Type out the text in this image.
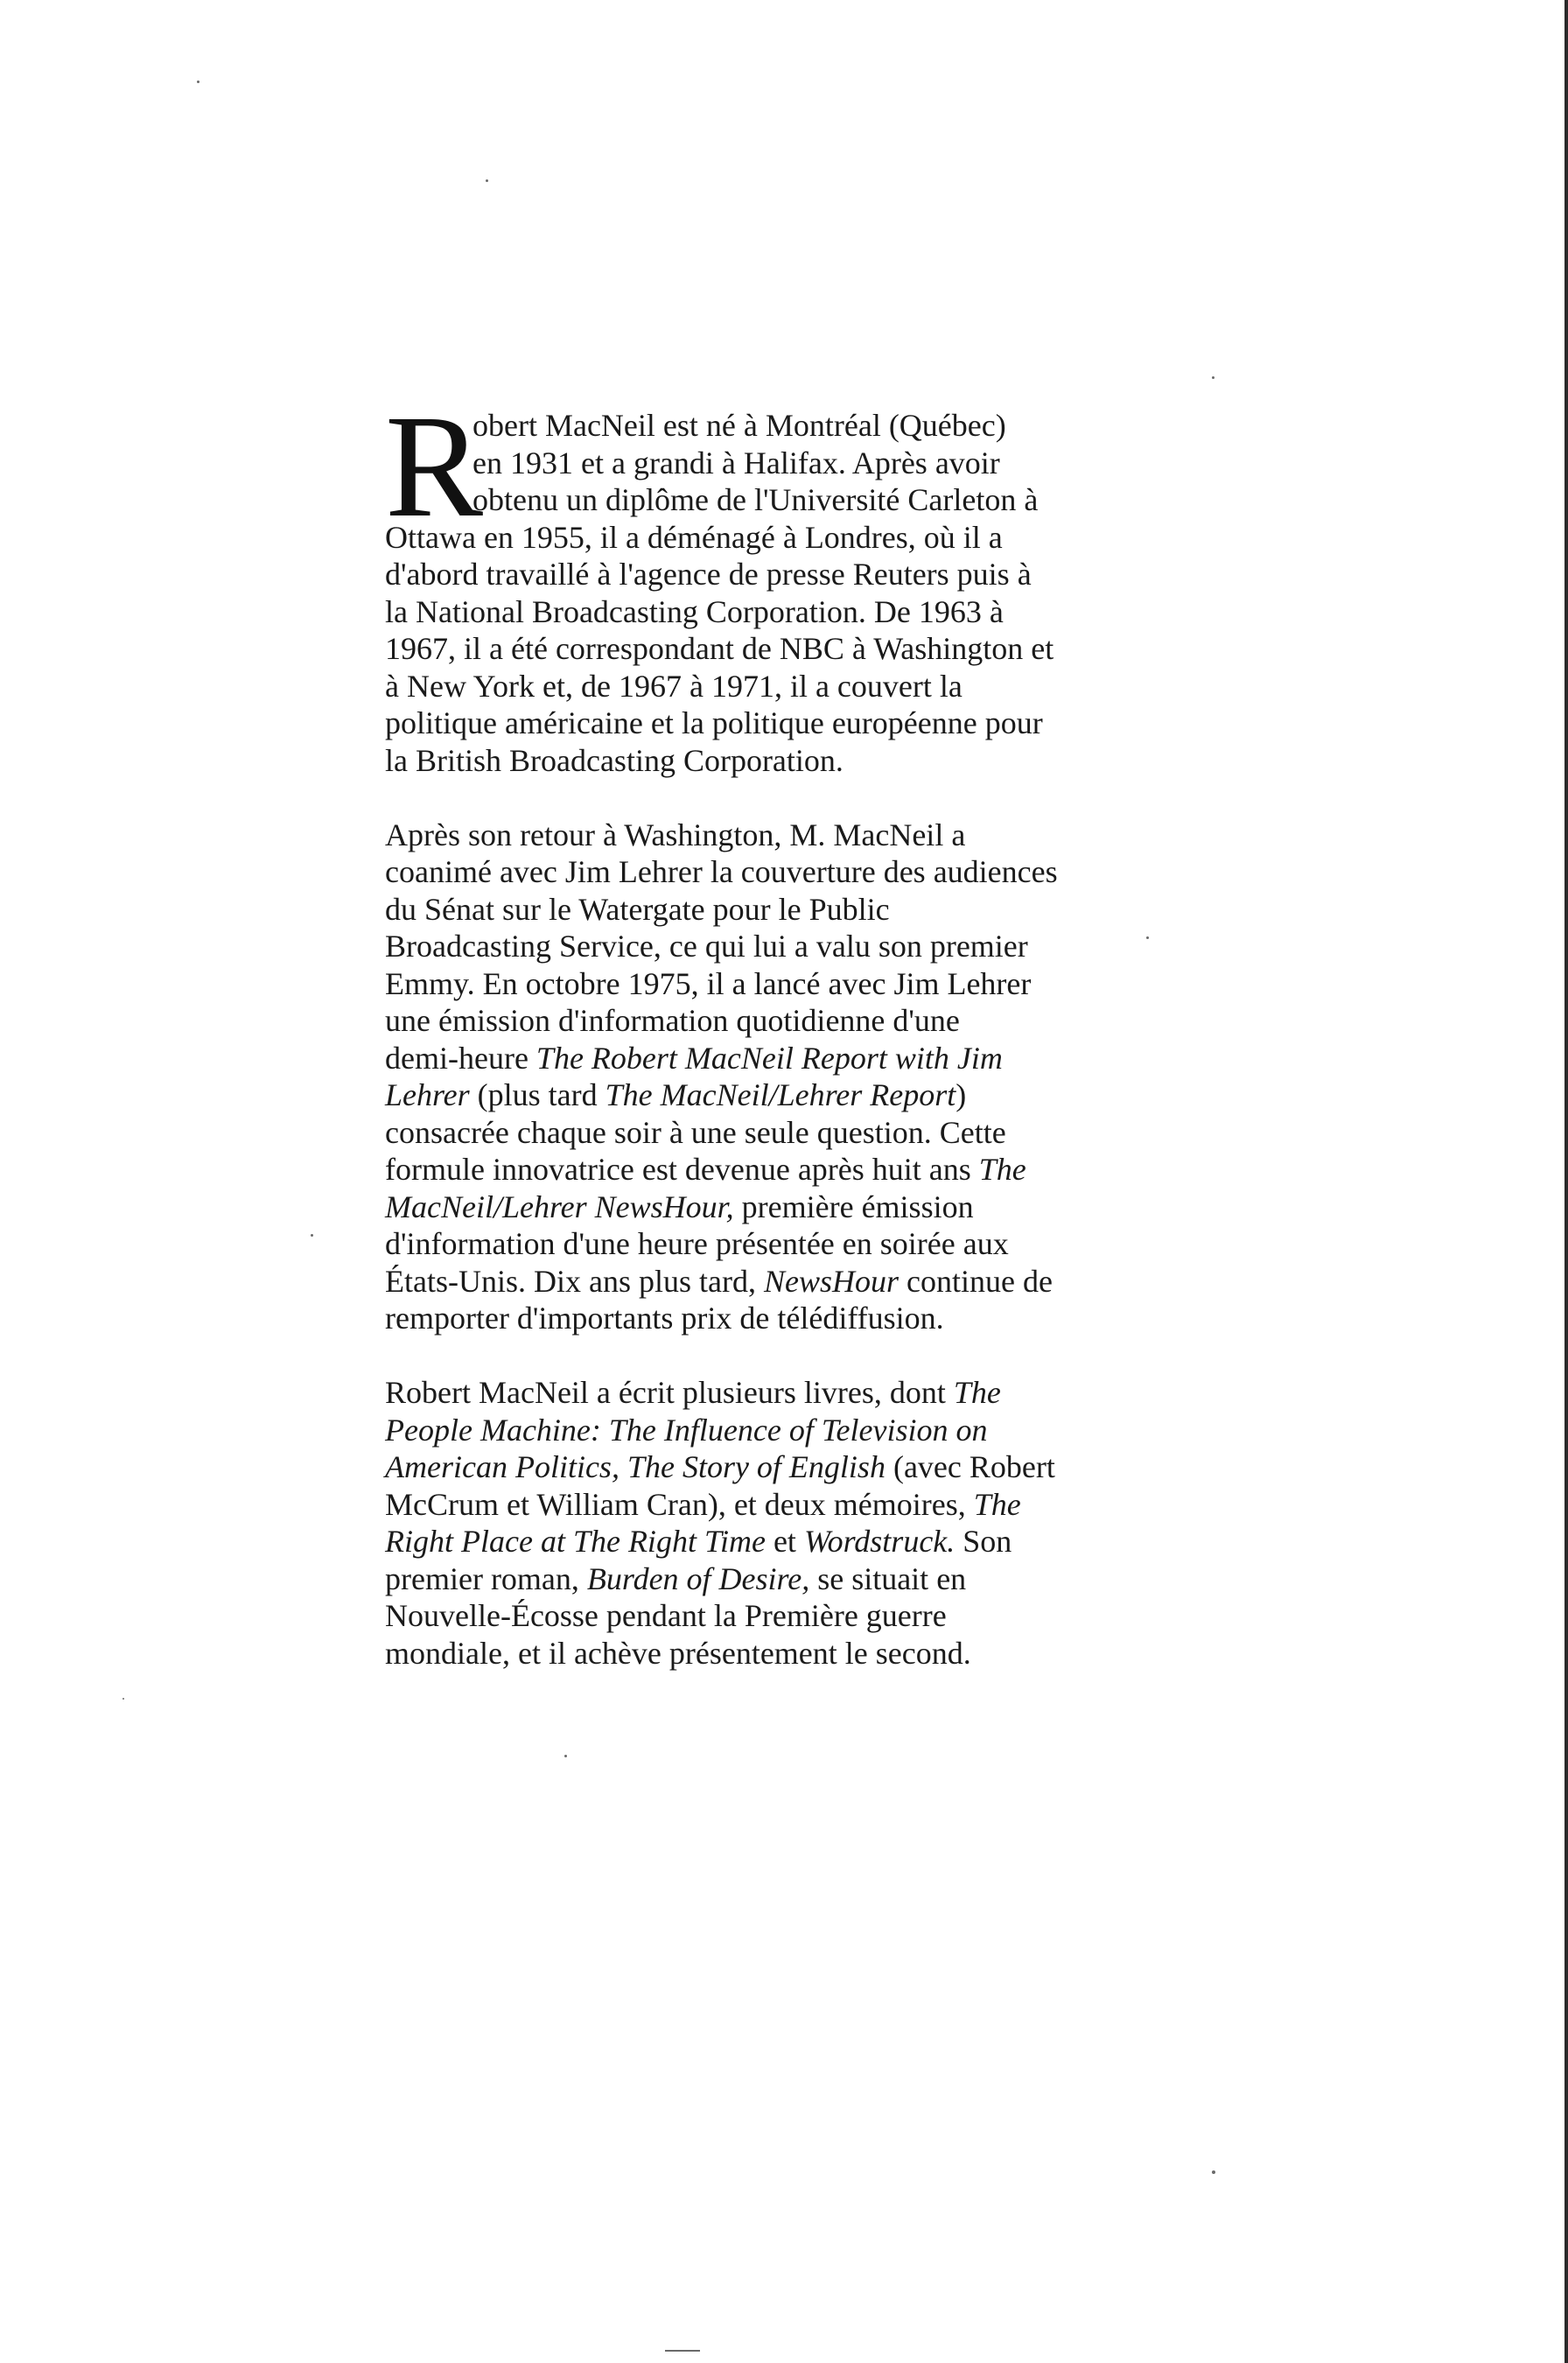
R
obert MacNeil est né à Montréal (Québec)
en 1931 et a grandi à Halifax. Après avoir
obtenu un diplôme de l'Université Carleton à
Ottawa en 1955, il a déménagé à Londres, où il a
d'abord travaillé à l'agence de presse Reuters puis à
la National Broadcasting Corporation. De 1963 à
1967, il a été correspondant de NBC à Washington et
à New York et, de 1967 à 1971, il a couvert la
politique américaine et la politique européenne pour
la British Broadcasting Corporation.
Après son retour à Washington, M. MacNeil a
coanimé avec Jim Lehrer la couverture des audiences
du Sénat sur le Watergate pour le Public
Broadcasting Service, ce qui lui a valu son premier
Emmy. En octobre 1975, il a lancé avec Jim Lehrer
une émission d'information quotidienne d'une
demi-heure The Robert MacNeil Report with Jim
Lehrer (plus tard The MacNeil/Lehrer Report)
consacrée chaque soir à une seule question. Cette
formule innovatrice est devenue après huit ans The
MacNeil/Lehrer NewsHour, première émission
d'information d'une heure présentée en soirée aux
États-Unis. Dix ans plus tard, NewsHour continue de
remporter d'importants prix de télédiffusion.
Robert MacNeil a écrit plusieurs livres, dont The
People Machine: The Influence of Television on
American Politics, The Story of English (avec Robert
McCrum et William Cran), et deux mémoires, The
Right Place at The Right Time et Wordstruck. Son
premier roman, Burden of Desire, se situait en
Nouvelle-Écosse pendant la Première guerre
mondiale, et il achève présentement le second.
